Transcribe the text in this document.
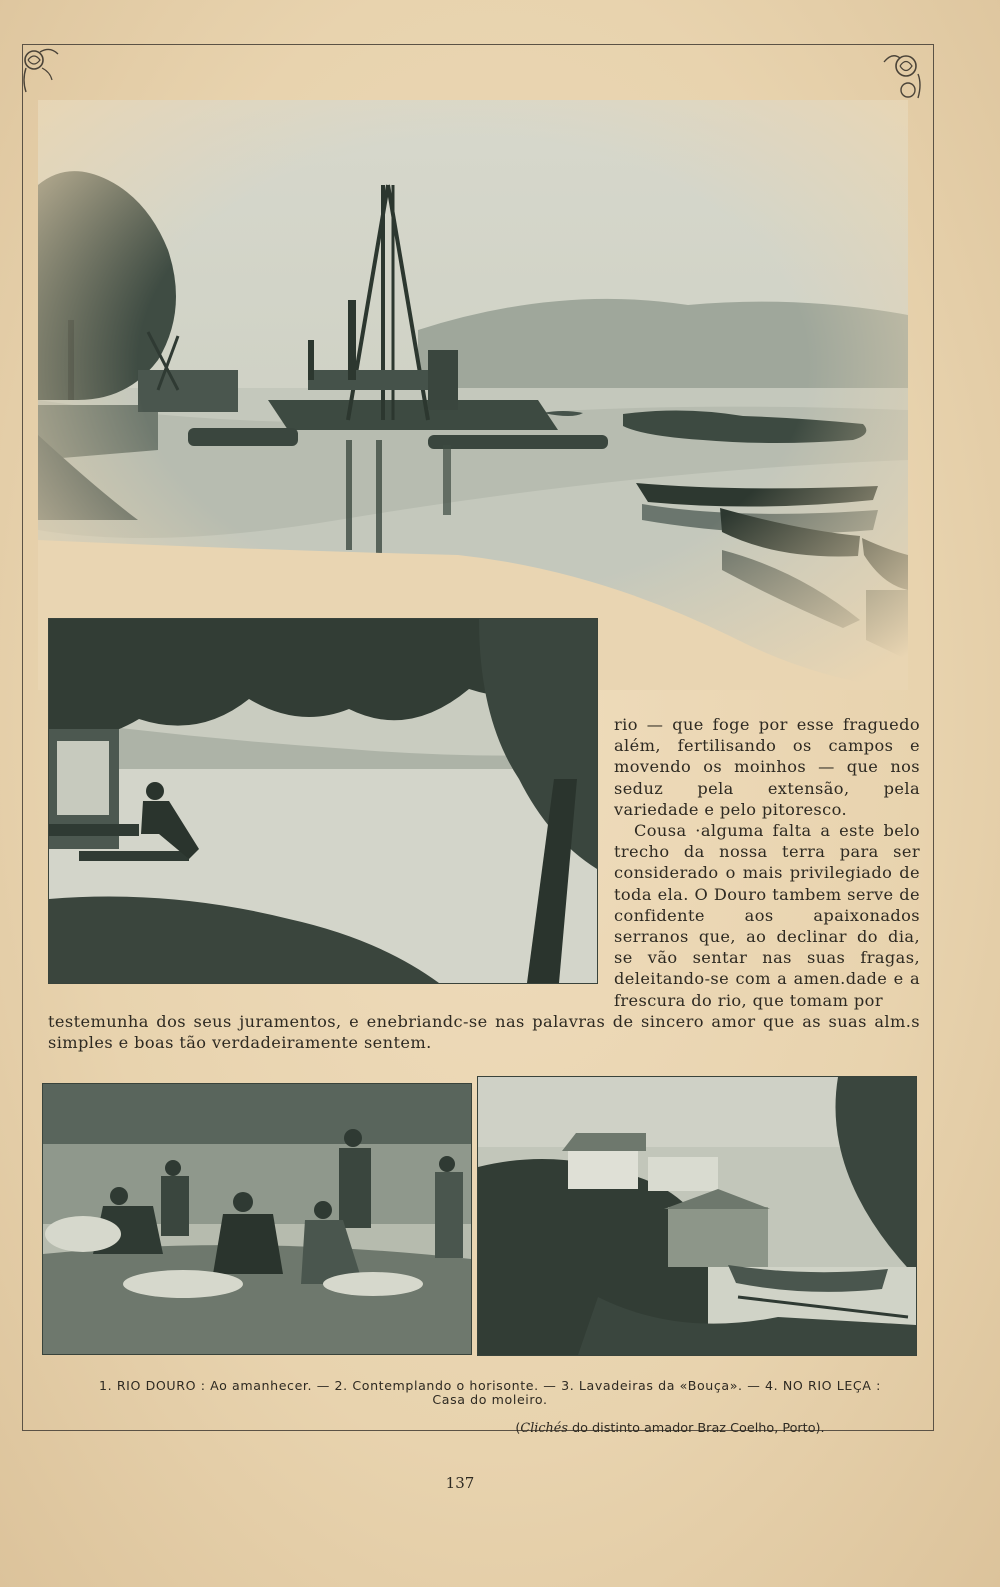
rio — que foge por esse fraguedo além, fertilisando os campos e movendo os moinhos — que nos seduz pela extensão, pela variedade e pelo pitoresco.

Cousa ·alguma falta a este belo trecho da nossa terra para ser considerado o mais privilegiado de toda ela. O Douro tambem serve de confidente aos apaixonados serranos que, ao declinar do dia, se vão sentar nas suas fragas, deleitando-se com a amen.dade e a frescura do rio, que tomam por

testemunha dos seus juramentos, e enebriandc-se nas palavras de sincero amor que as suas alm.s simples e boas tão verdadeiramente sentem.
1. RIO DOURO : Ao amanhecer. — 2. Contemplando o horisonte. — 3. Lavadeiras da «Bouça». — 4. NO RIO LEÇA :
Casa do moleiro.
(Clichés do distinto amador Braz Coelho, Porto).
137
